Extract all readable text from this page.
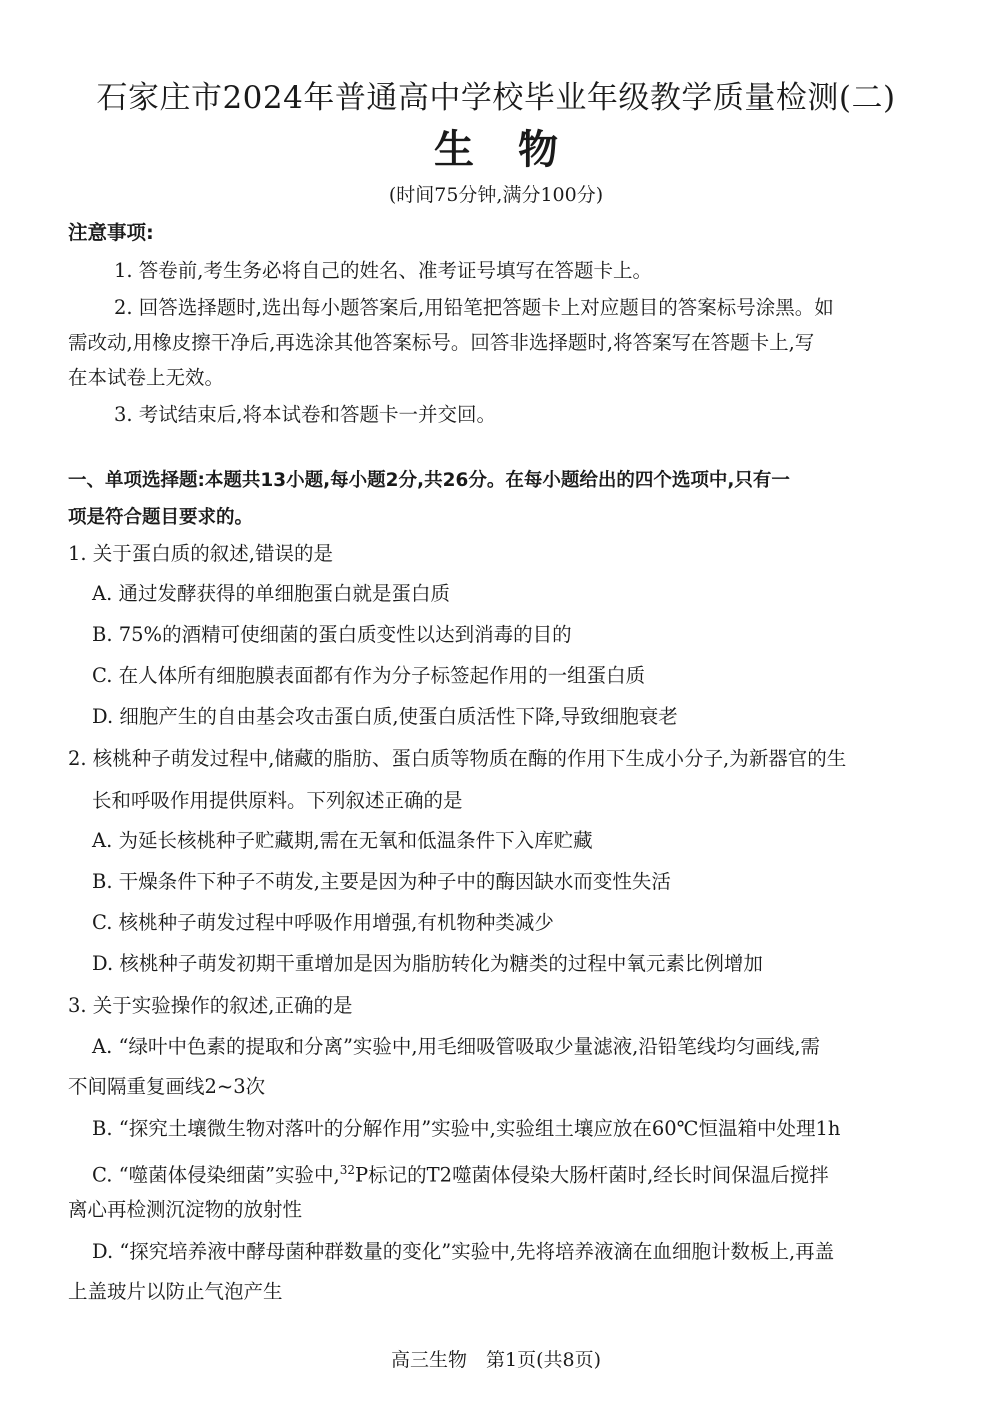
石家庄市2024年普通高中学校毕业年级教学质量检测(二)
生物
(时间75分钟,满分100分)
注意事项:
1. 答卷前,考生务必将自己的姓名、准考证号填写在答题卡上。
2. 回答选择题时,选出每小题答案后,用铅笔把答题卡上对应题目的答案标号涂黑。如
需改动,用橡皮擦干净后,再选涂其他答案标号。回答非选择题时,将答案写在答题卡上,写
在本试卷上无效。
3. 考试结束后,将本试卷和答题卡一并交回。
一、单项选择题:本题共13小题,每小题2分,共26分。在每小题给出的四个选项中,只有一
项是符合题目要求的。
1. 关于蛋白质的叙述,错误的是
A. 通过发酵获得的单细胞蛋白就是蛋白质
B. 75%的酒精可使细菌的蛋白质变性以达到消毒的目的
C. 在人体所有细胞膜表面都有作为分子标签起作用的一组蛋白质
D. 细胞产生的自由基会攻击蛋白质,使蛋白质活性下降,导致细胞衰老
2. 核桃种子萌发过程中,储藏的脂肪、蛋白质等物质在酶的作用下生成小分子,为新器官的生
长和呼吸作用提供原料。下列叙述正确的是
A. 为延长核桃种子贮藏期,需在无氧和低温条件下入库贮藏
B. 干燥条件下种子不萌发,主要是因为种子中的酶因缺水而变性失活
C. 核桃种子萌发过程中呼吸作用增强,有机物种类减少
D. 核桃种子萌发初期干重增加是因为脂肪转化为糖类的过程中氧元素比例增加
3. 关于实验操作的叙述,正确的是
A. “绿叶中色素的提取和分离”实验中,用毛细吸管吸取少量滤液,沿铅笔线均匀画线,需
不间隔重复画线2~3次
B. “探究土壤微生物对落叶的分解作用”实验中,实验组土壤应放在60℃恒温箱中处理1h
C. “噬菌体侵染细菌”实验中,$^{32}$P标记的T2噬菌体侵染大肠杆菌时,经长时间保温后搅拌
离心再检测沉淀物的放射性
D. “探究培养液中酵母菌种群数量的变化”实验中,先将培养液滴在血细胞计数板上,再盖
上盖玻片以防止气泡产生
高三生物　第1页(共8页)
